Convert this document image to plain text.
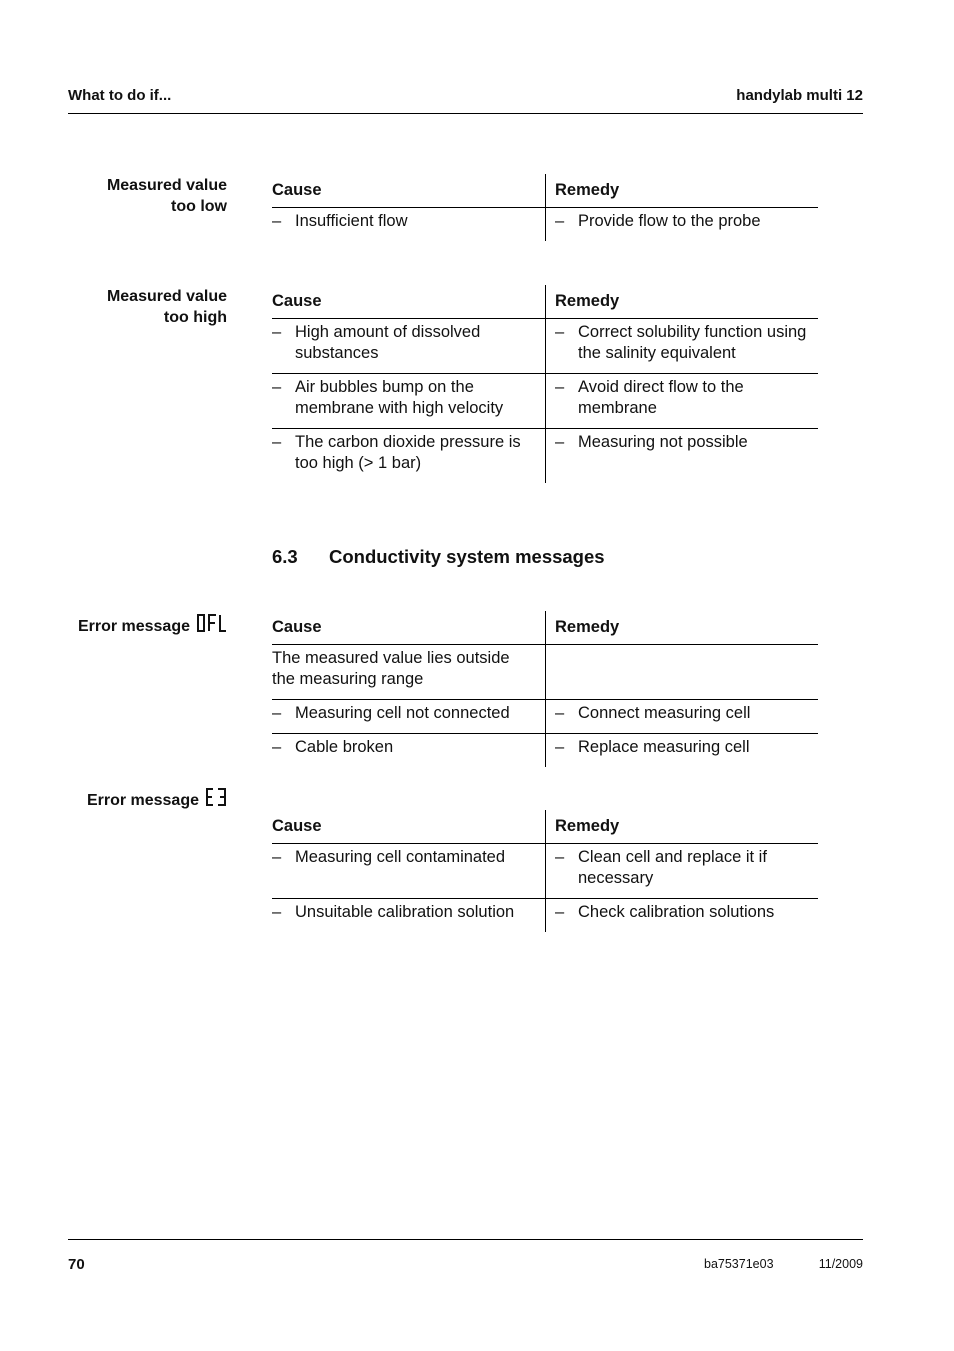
What to do if...	handylab multi 12
Measured value
too low
Cause	Remedy

– Insufficient flow	– Provide flow to the probe
Measured value
too high
Cause	Remedy

– High amount of dissolved substances	– Correct solubility function using the salinity equivalent

– Air bubbles bump on the membrane with high velocity	– Avoid direct flow to the membrane

– The carbon dioxide pressure is too high (> 1 bar)	– Measuring not possible
6.3 Conductivity system messages
Error message	Cause	Remedy

The measured value lies outside the measuring range	

– Measuring cell not connected	– Connect measuring cell

– Cable broken	– Replace measuring cell
Error message
Cause	Remedy

– Measuring cell contaminated	– Clean cell and replace it if necessary

– Unsuitable calibration solution	– Check calibration solutions
70	ba75371e03	11/2009
